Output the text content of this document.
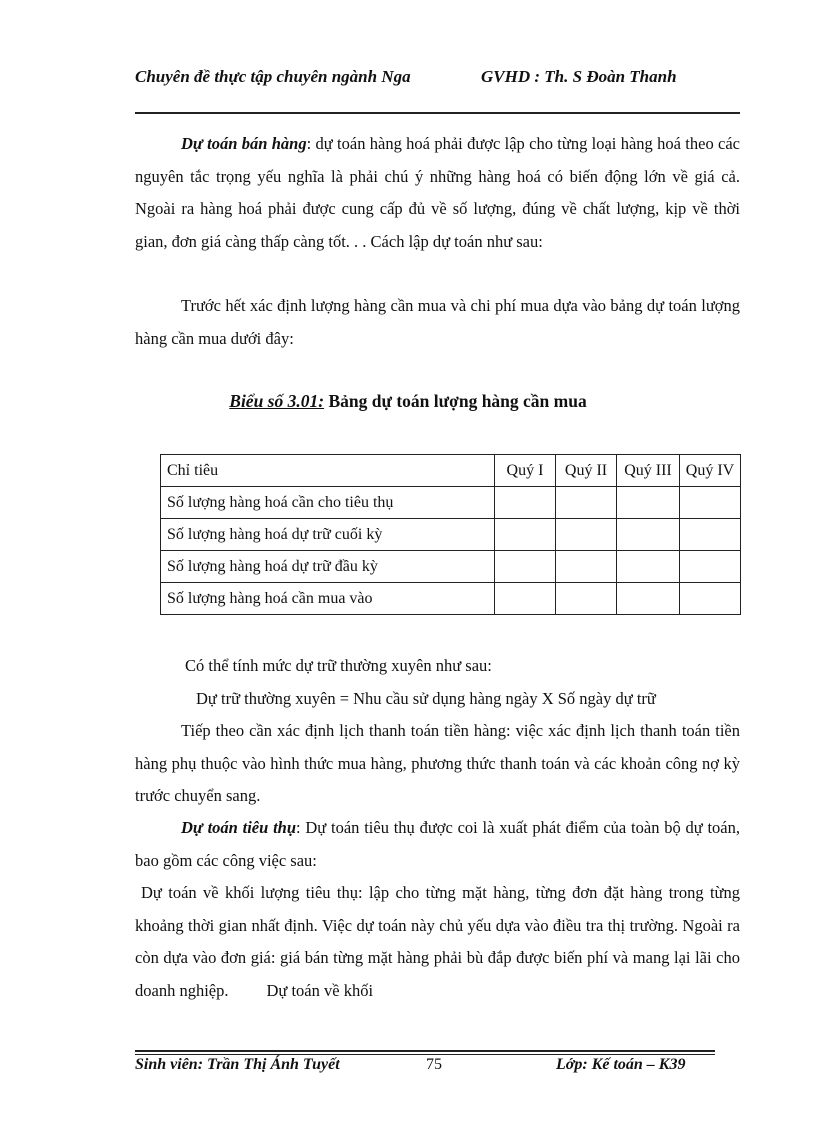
Chuyên đề thực tập chuyên ngành Nga	GVHD : Th. S Đoàn Thanh

Dự toán bán hàng: dự toán hàng hoá phải được lập cho từng loại hàng hoá theo các nguyên tắc trọng yếu nghĩa là phải chú ý những hàng hoá có biến động lớn về giá cả. Ngoài ra hàng hoá phải được cung cấp đủ về số lượng, đúng về chất lượng, kịp về thời gian, đơn giá càng thấp càng tốt. . . Cách lập dự toán như sau:

Trước hết xác định lượng hàng cần mua và chi phí mua dựa vào bảng dự toán lượng hàng cần mua dưới đây:

Biểu số 3.01: Bảng dự toán lượng hàng cần mua
Chỉ tiêu	Quý I	Quý II	Quý III	Quý IV
Số lượng hàng hoá cần cho tiêu thụ				
Số lượng hàng hoá dự trữ cuối kỳ				
Số lượng hàng hoá dự trữ đầu kỳ				
Số lượng hàng hoá cần mua vào				

Có thể tính mức dự trữ thường xuyên như sau:

Dự trữ thường xuyên = Nhu cầu sử dụng hàng ngày X Số ngày dự trữ

Tiếp theo cần xác định lịch thanh toán tiền hàng: việc xác định lịch thanh toán tiền hàng phụ thuộc vào hình thức mua hàng, phương thức thanh toán và các khoản công nợ kỳ trước chuyển sang.

Dự toán tiêu thụ: Dự toán tiêu thụ được coi là xuất phát điểm của toàn bộ dự toán, bao gồm các công việc sau:

Dự toán về khối lượng tiêu thụ: lập cho từng mặt hàng, từng đơn đặt hàng trong từng khoảng thời gian nhất định. Việc dự toán này chủ yếu dựa vào điều tra thị trường. Ngoài ra còn dựa vào đơn giá: giá bán từng mặt hàng phải bù đắp được biến phí và mang lại lãi cho doanh nghiệp. Dự toán về khối

Sinh viên: Trần Thị Ánh Tuyết	75	Lớp: Kế toán – K39
